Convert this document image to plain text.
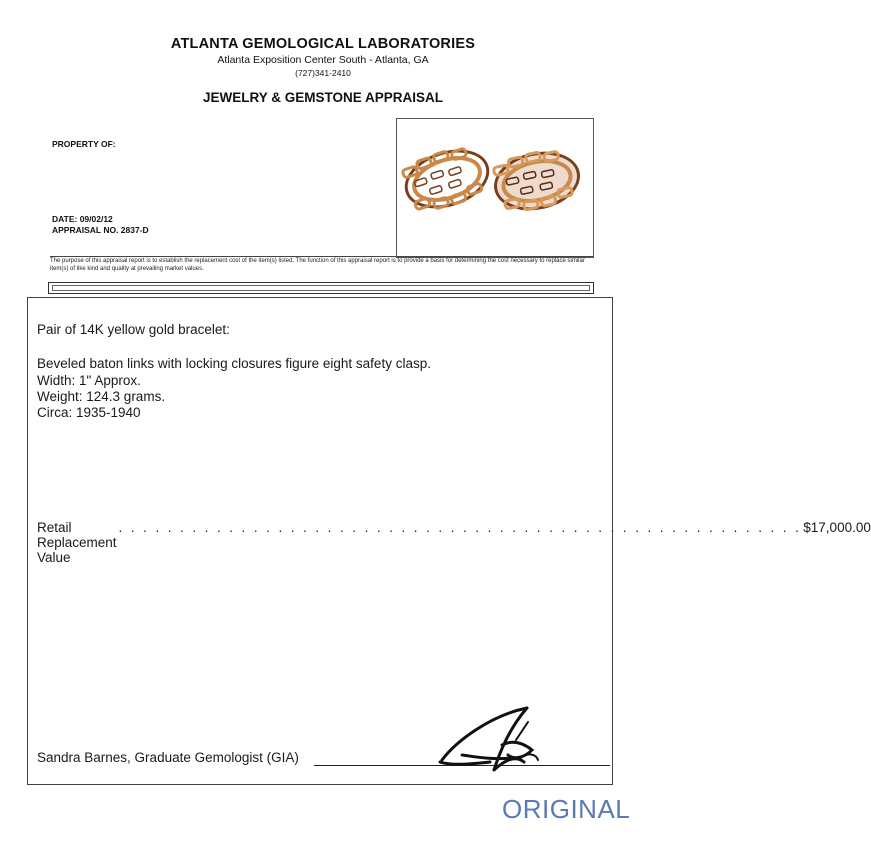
ATLANTA GEMOLOGICAL LABORATORIES
Atlanta Exposition Center South - Atlanta, GA
(727)341-2410
JEWELRY & GEMSTONE APPRAISAL
PROPERTY OF:
DATE: 09/02/12
APPRAISAL NO. 2837-D
The purpose of this appraisal report is to establish the replacement cost of the item(s) listed. The function of this appraisal report is to provide a basis for determining the cost necessary to replace similar item(s) of like kind and quality at prevailing market values.
Pair of 14K yellow gold bracelet:
Beveled baton links with locking closures figure eight safety clasp.
Width: 1" Approx.
Weight: 124.3 grams.
Circa: 1935-1940
Retail Replacement Value
. . . . . . . . . . . . . . . . . . . . . . . . . . . . . . . . . . . . . . . . . . . . . . . . . . . . . . . . $17,000.00
Sandra Barnes, Graduate Gemologist (GIA)
ORIGINAL
